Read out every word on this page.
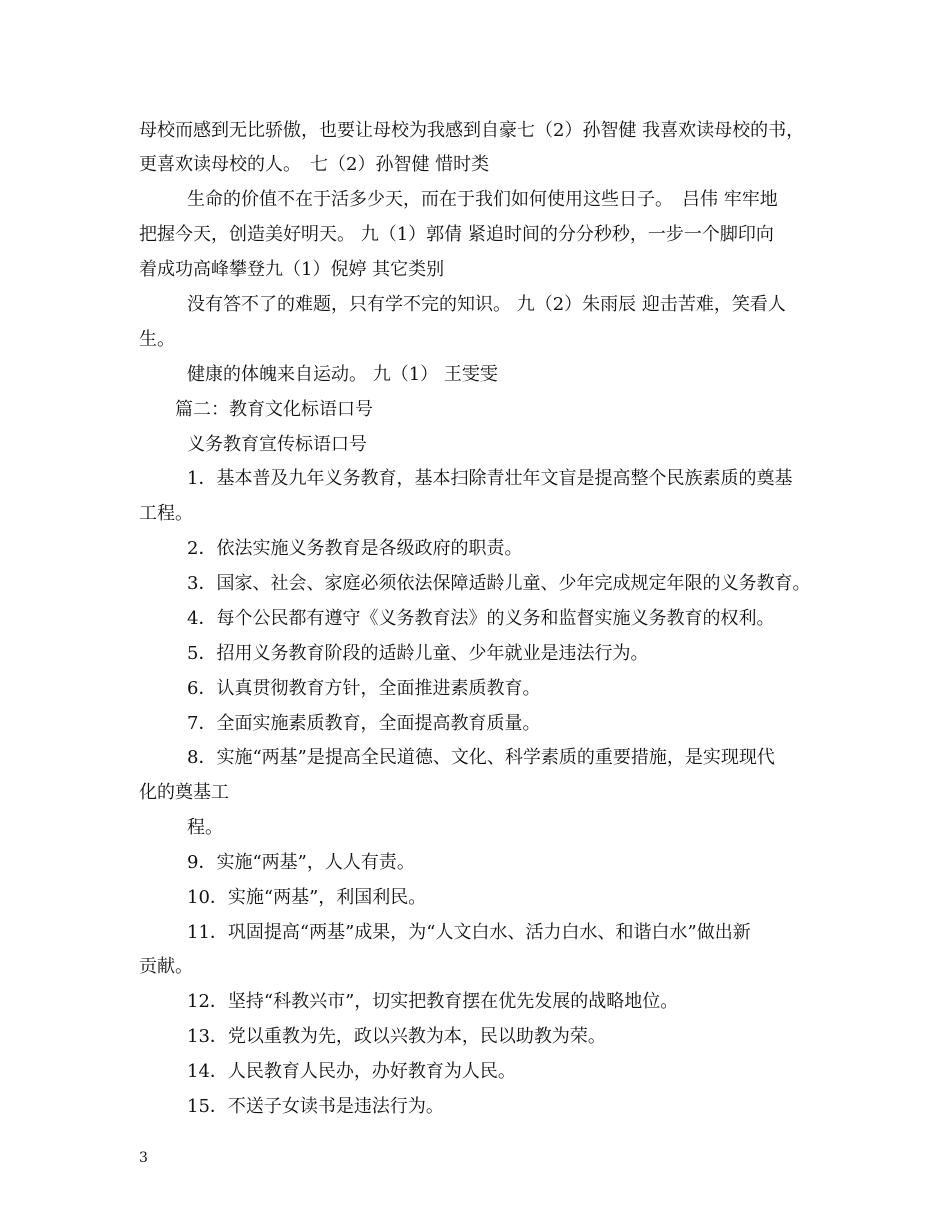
母校而感到无比骄傲，也要让母校为我感到自豪七（2）孙智健 我喜欢读母校的书，
更喜欢读母校的人。　七（2）孙智健 惜时类
生命的价值不在于活多少天，而在于我们如何使用这些日子。　吕伟 牢牢地
把握今天，创造美好明天。 九（1）郭倩 紧追时间的分分秒秒，一步一个脚印向
着成功高峰攀登九（1）倪婷 其它类别
没有答不了的难题，只有学不完的知识。 九（2）朱雨辰 迎击苦难，笑看人
生。
健康的体魄来自运动。 九（1） 王雯雯
篇二：教育文化标语口号
义务教育宣传标语口号
1．基本普及九年义务教育，基本扫除青壮年文盲是提高整个民族素质的奠基
工程。
2．依法实施义务教育是各级政府的职责。
3．国家、社会、家庭必须依法保障适龄儿童、少年完成规定年限的义务教育。
4．每个公民都有遵守《义务教育法》的义务和监督实施义务教育的权利。
5．招用义务教育阶段的适龄儿童、少年就业是违法行为。
6．认真贯彻教育方针，全面推进素质教育。
7．全面实施素质教育，全面提高教育质量。
8．实施“两基”是提高全民道德、文化、科学素质的重要措施，是实现现代
化的奠基工
程。
9．实施“两基”，人人有责。
10．实施“两基”，利国利民。
11．巩固提高“两基”成果，为“人文白水、活力白水、和谐白水”做出新
贡献。
12．坚持“科教兴市”，切实把教育摆在优先发展的战略地位。
13．党以重教为先，政以兴教为本，民以助教为荣。
14．人民教育人民办，办好教育为人民。
15．不送子女读书是违法行为。
3
